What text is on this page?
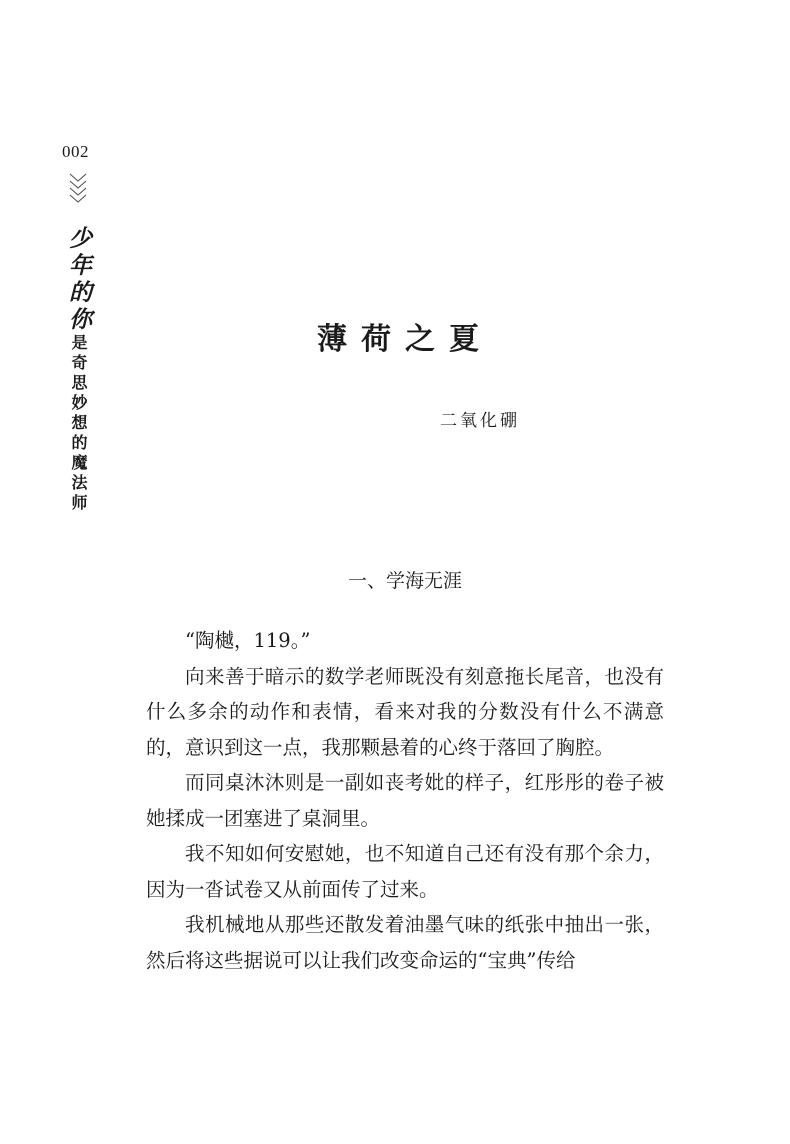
002
少年的你
是奇思妙想的魔法师	薄荷之夏
二氧化硼
一、学海无涯

“陶樾，119。”

向来善于暗示的数学老师既没有刻意拖长尾音，也没有什么多余的动作和表情，看来对我的分数没有什么不满意的，意识到这一点，我那颗悬着的心终于落回了胸腔。

而同桌沐沐则是一副如丧考妣的样子，红彤彤的卷子被她揉成一团塞进了桌洞里。

我不知如何安慰她，也不知道自己还有没有那个余力，因为一沓试卷又从前面传了过来。

我机械地从那些还散发着油墨气味的纸张中抽出一张，然后将这些据说可以让我们改变命运的“宝典”传给
